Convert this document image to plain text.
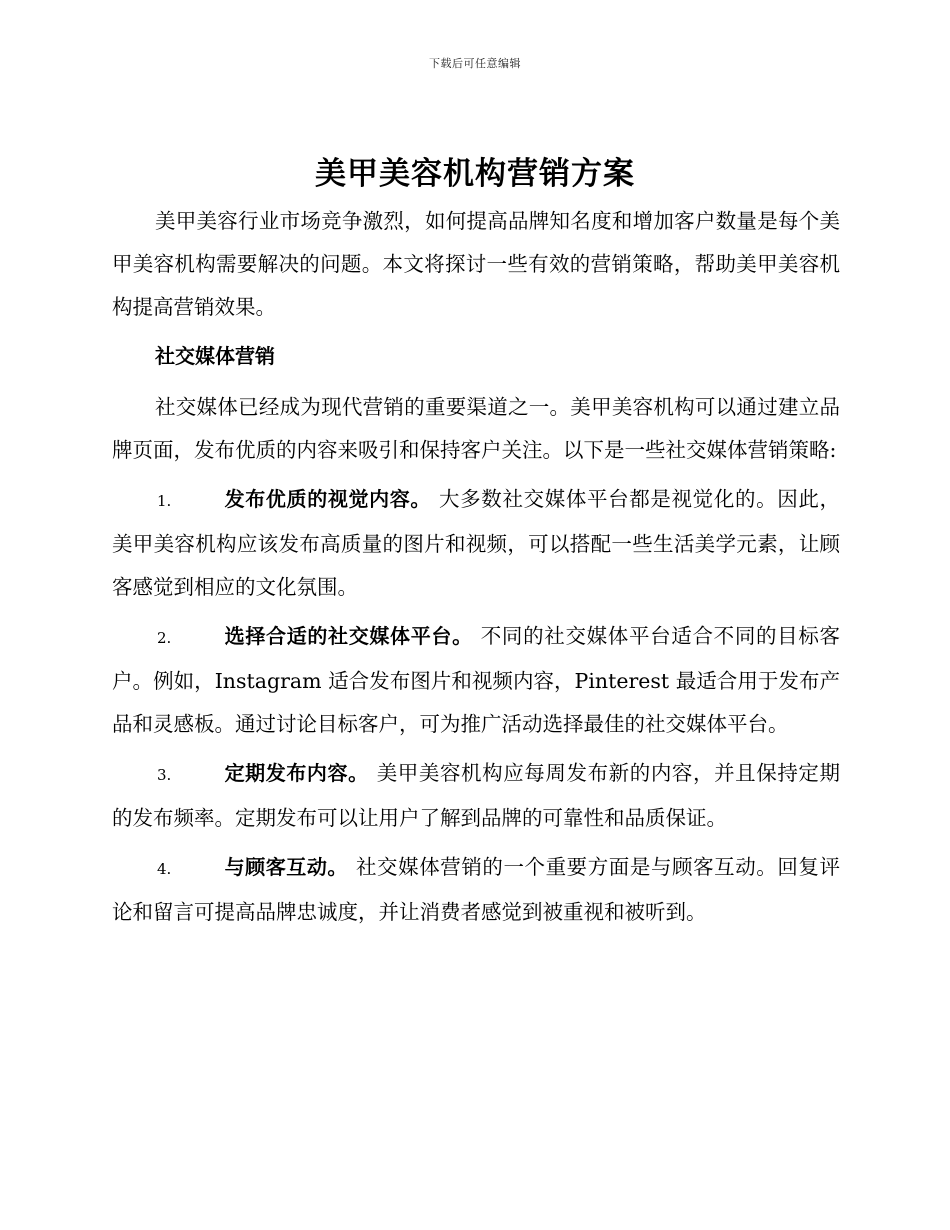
下载后可任意编辑
美甲美容机构营销方案

美甲美容行业市场竞争激烈，如何提高品牌知名度和增加客户数量是每个美甲美容机构需要解决的问题。本文将探讨一些有效的营销策略，帮助美甲美容机构提高营销效果。

社交媒体营销

社交媒体已经成为现代营销的重要渠道之一。美甲美容机构可以通过建立品牌页面，发布优质的内容来吸引和保持客户关注。以下是一些社交媒体营销策略:

1.	发布优质的视觉内容。 大多数社交媒体平台都是视觉化的。因此，美甲美容机构应该发布高质量的图片和视频，可以搭配一些生活美学元素，让顾客感觉到相应的文化氛围。
2.	选择合适的社交媒体平台。 不同的社交媒体平台适合不同的目标客户。例如，Instagram 适合发布图片和视频内容，Pinterest 最适合用于发布产品和灵感板。通过讨论目标客户，可为推广活动选择最佳的社交媒体平台。
3.	定期发布内容。 美甲美容机构应每周发布新的内容，并且保持定期的发布频率。定期发布可以让用户了解到品牌的可靠性和品质保证。
4.	与顾客互动。 社交媒体营销的一个重要方面是与顾客互动。回复评论和留言可提高品牌忠诚度，并让消费者感觉到被重视和被听到。
